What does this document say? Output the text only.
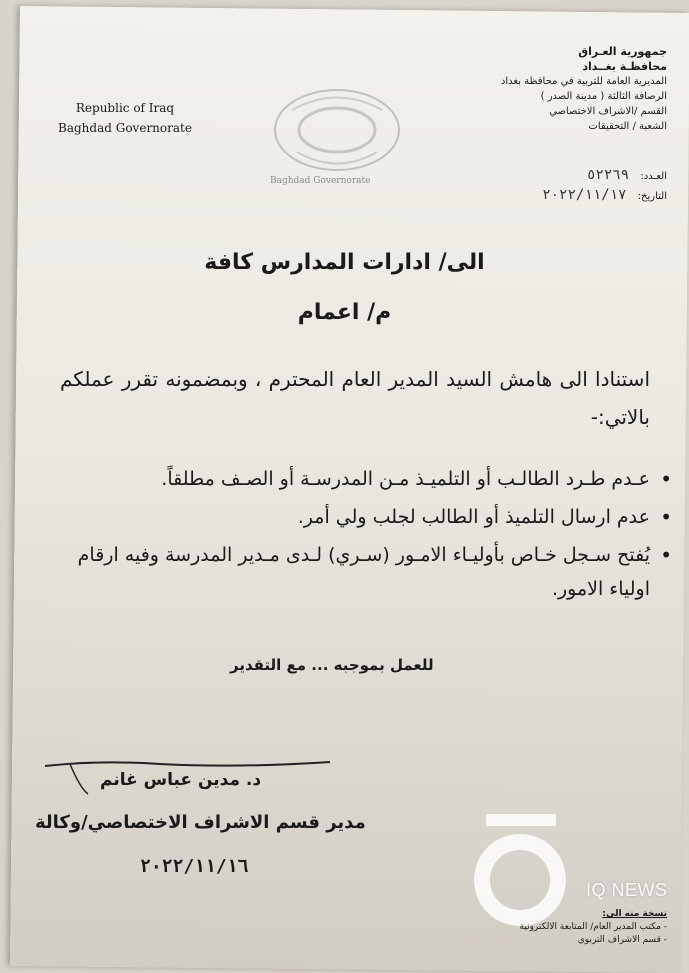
Republic of Iraq
Baghdad Governorate
Baghdad Governorate
جمهورية العـراق
محافظـة بغــداد
المديرية العامة للتربية في محافظة بغداد
الرصافة الثالثة ( مدينة الصدر )
القسم /الاشراف الاختصاصي
الشعبة / التحقيقات
العـدد: ٥٢٢٦٩
التاريخ: ٢٠٢٢/١١/١٧
الى/ ادارات المدارس كافة
م/ اعمام
استنادا الى هامش السيد المدير العام المحترم ، وبمضمونه تقرر عملكم بالاتي:-
• عـدم طـرد الطالـب أو التلميـذ مـن المدرسـة أو الصـف مطلقاً.
• عدم ارسال التلميذ أو الطالب لجلب ولي أمر.
• يُفتح سـجل خـاص بأوليـاء الامـور (سـري) لـدى مـدير المدرسة وفيه ارقام اولياء الامور.
للعمل بموجبه ... مع التقدير
د. مدين عباس غانم
مدير قسم الاشراف الاختصاصي/وكالة
٢٠٢٢/١١/١٦
IQ NEWS
نسخة منه الى:
- مكتب المدير العام/ المتابعة الالكترونية
- قسم الاشراف التربوي
